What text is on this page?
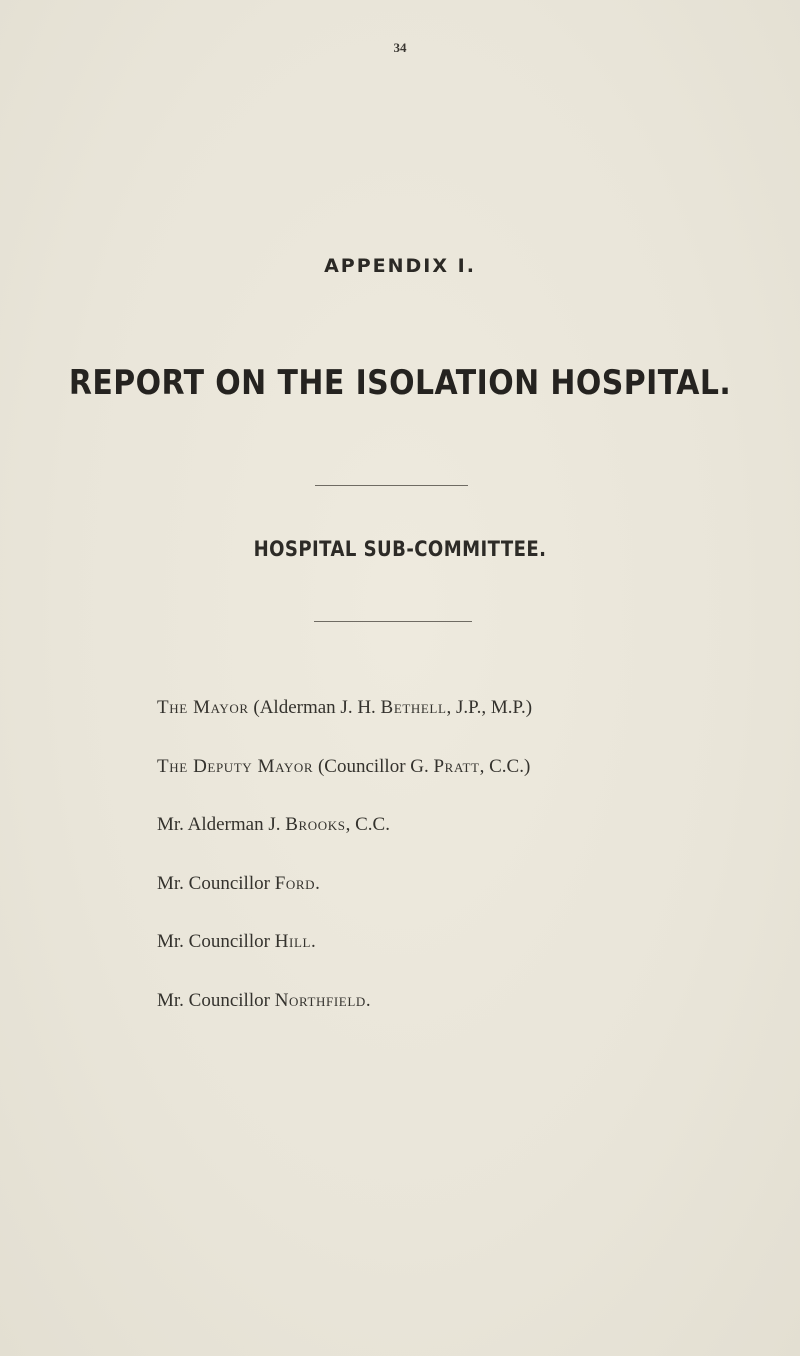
34
APPENDIX I.
REPORT ON THE ISOLATION HOSPITAL.
HOSPITAL SUB-COMMITTEE.
The Mayor (Alderman J. H. Bethell, J.P., M.P.)
The Deputy Mayor (Councillor G. Pratt, C.C.)
Mr. Alderman J. Brooks, C.C.
Mr. Councillor Ford.
Mr. Councillor Hill.
Mr. Councillor Northfield.
